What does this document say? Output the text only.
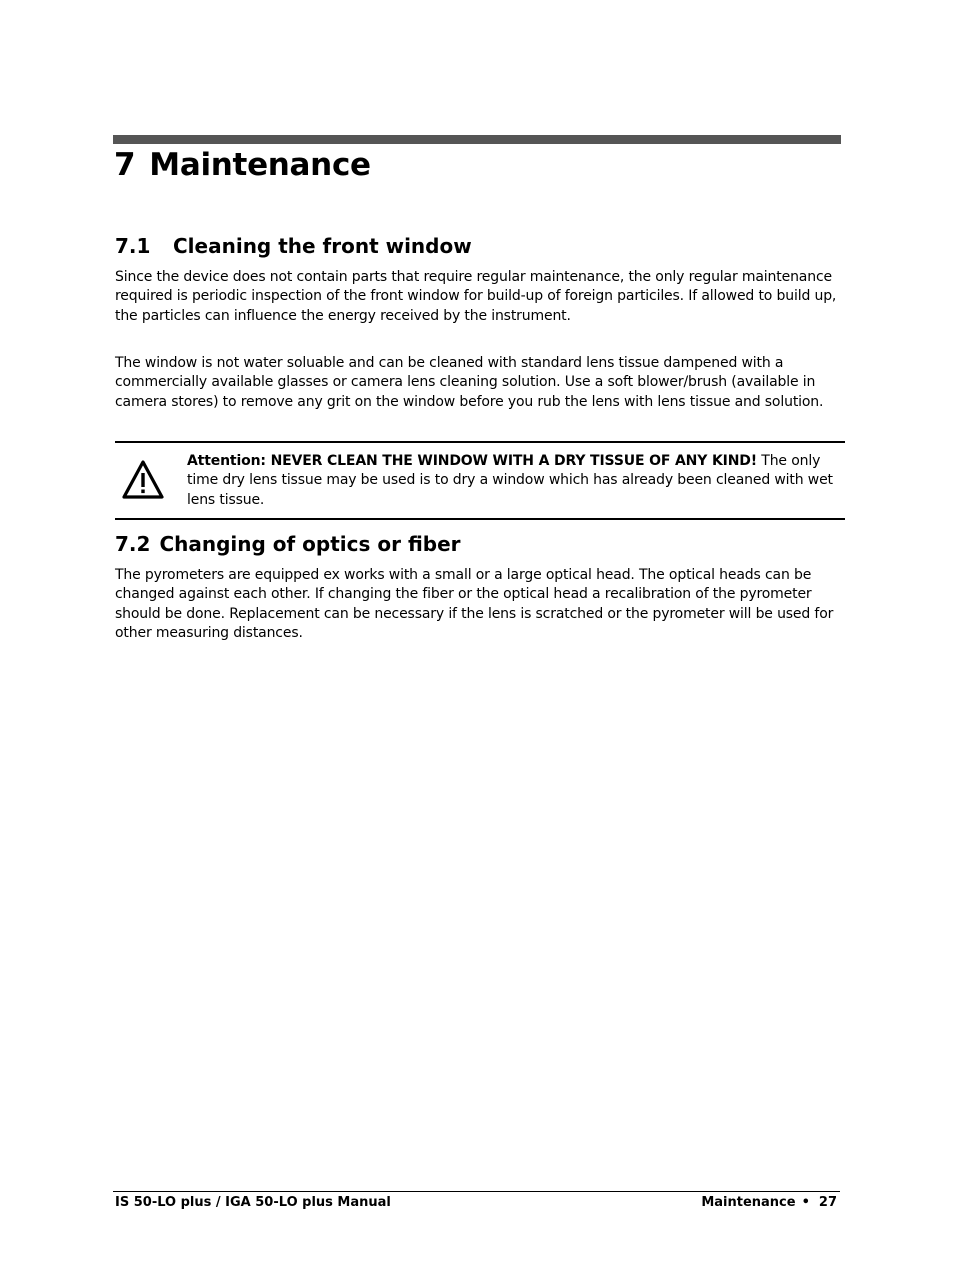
7 Maintenance
7.1 Cleaning the front window

Since the device does not contain parts that require regular maintenance, the only regular maintenance required is periodic inspection of the front window for build-up of foreign particiles. If allowed to build up, the particles can influence the energy received by the instrument.

The window is not water soluable and can be cleaned with standard lens tissue dampened with a commercially available glasses or camera lens cleaning solution. Use a soft blower/brush (available in camera stores) to remove any grit on the window before you rub the lens with lens tissue and solution.

Attention: NEVER CLEAN THE WINDOW WITH A DRY TISSUE OF ANY KIND! The only time dry lens tissue may be used is to dry a window which has already been cleaned with wet lens tissue.

7.2 Changing of optics or fiber

The pyrometers are equipped ex works with a small or a large optical head. The optical heads can be changed against each other. If changing the fiber or the optical head a recalibration of the pyrometer should be done. Replacement can be necessary if the lens is scratched or the pyrometer will be used for other measuring distances.

IS 50-LO plus / IGA 50-LO plus Manual	Maintenance • 27
